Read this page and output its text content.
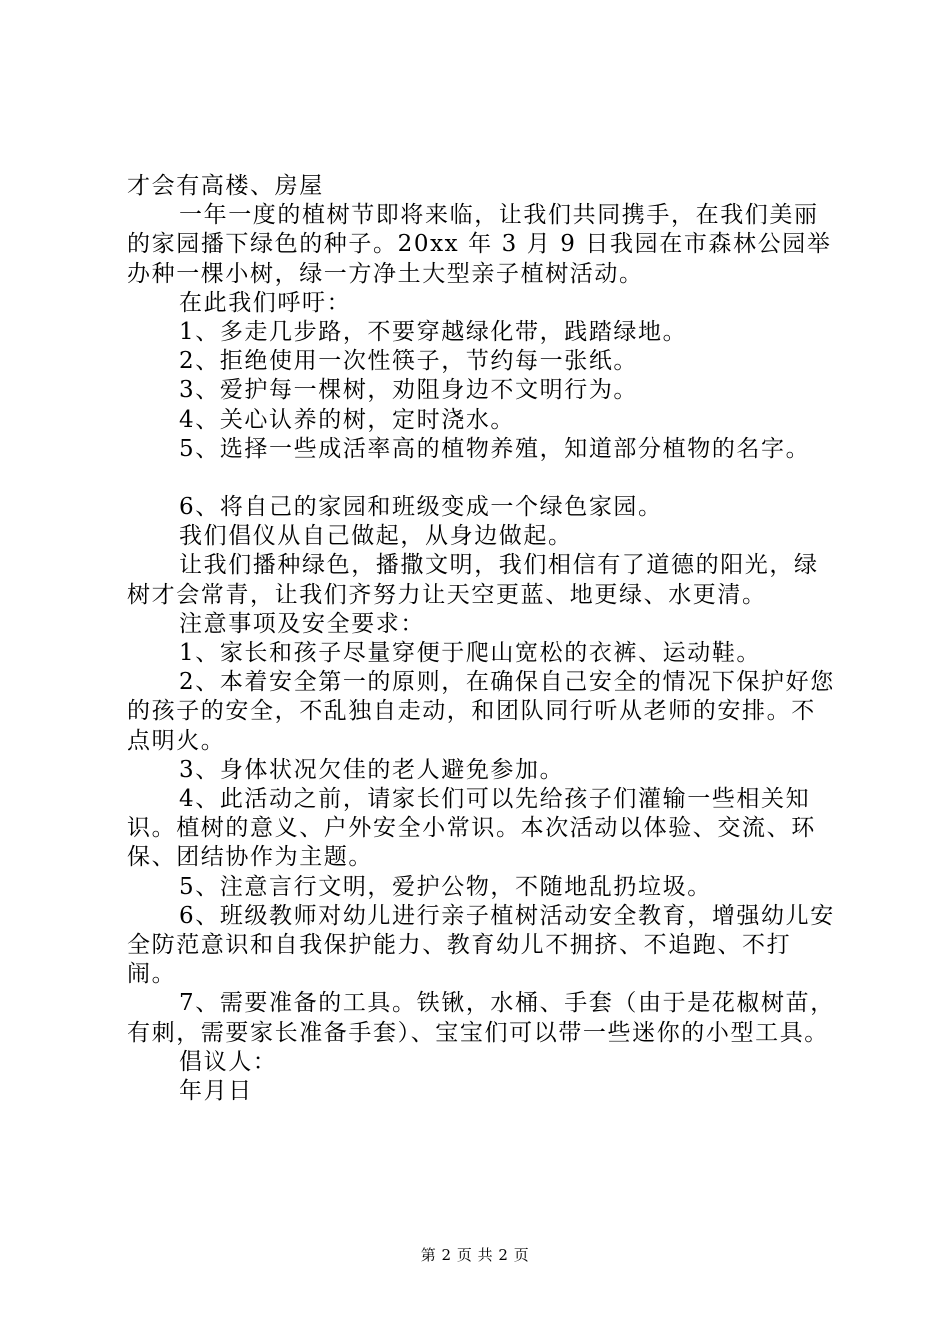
才会有高楼、房屋

一年一度的植树节即将来临，让我们共同携手，在我们美丽的家园播下绿色的种子。20xx 年 3 月 9 日我园在市森林公园举办种一棵小树，绿一方净土大型亲子植树活动。

在此我们呼吁：

1、多走几步路，不要穿越绿化带，践踏绿地。

2、拒绝使用一次性筷子，节约每一张纸。

3、爱护每一棵树，劝阻身边不文明行为。

4、关心认养的树，定时浇水。

5、选择一些成活率高的植物养殖，知道部分植物的名字。

6、将自己的家园和班级变成一个绿色家园。

我们倡仪从自己做起，从身边做起。

让我们播种绿色，播撒文明，我们相信有了道德的阳光，绿树才会常青，让我们齐努力让天空更蓝、地更绿、水更清。

注意事项及安全要求：

1、家长和孩子尽量穿便于爬山宽松的衣裤、运动鞋。

2、本着安全第一的原则，在确保自己安全的情况下保护好您的孩子的安全，不乱独自走动，和团队同行听从老师的安排。不点明火。

3、身体状况欠佳的老人避免参加。

4、此活动之前，请家长们可以先给孩子们灌输一些相关知识。植树的意义、户外安全小常识。本次活动以体验、交流、环保、团结协作为主题。

5、注意言行文明，爱护公物，不随地乱扔垃圾。

6、班级教师对幼儿进行亲子植树活动安全教育，增强幼儿安全防范意识和自我保护能力、教育幼儿不拥挤、不追跑、不打闹。

7、需要准备的工具。铁锹，水桶、手套（由于是花椒树苗，有刺，需要家长准备手套）、宝宝们可以带一些迷你的小型工具。

倡议人：

年月日

第 2 页 共 2 页
